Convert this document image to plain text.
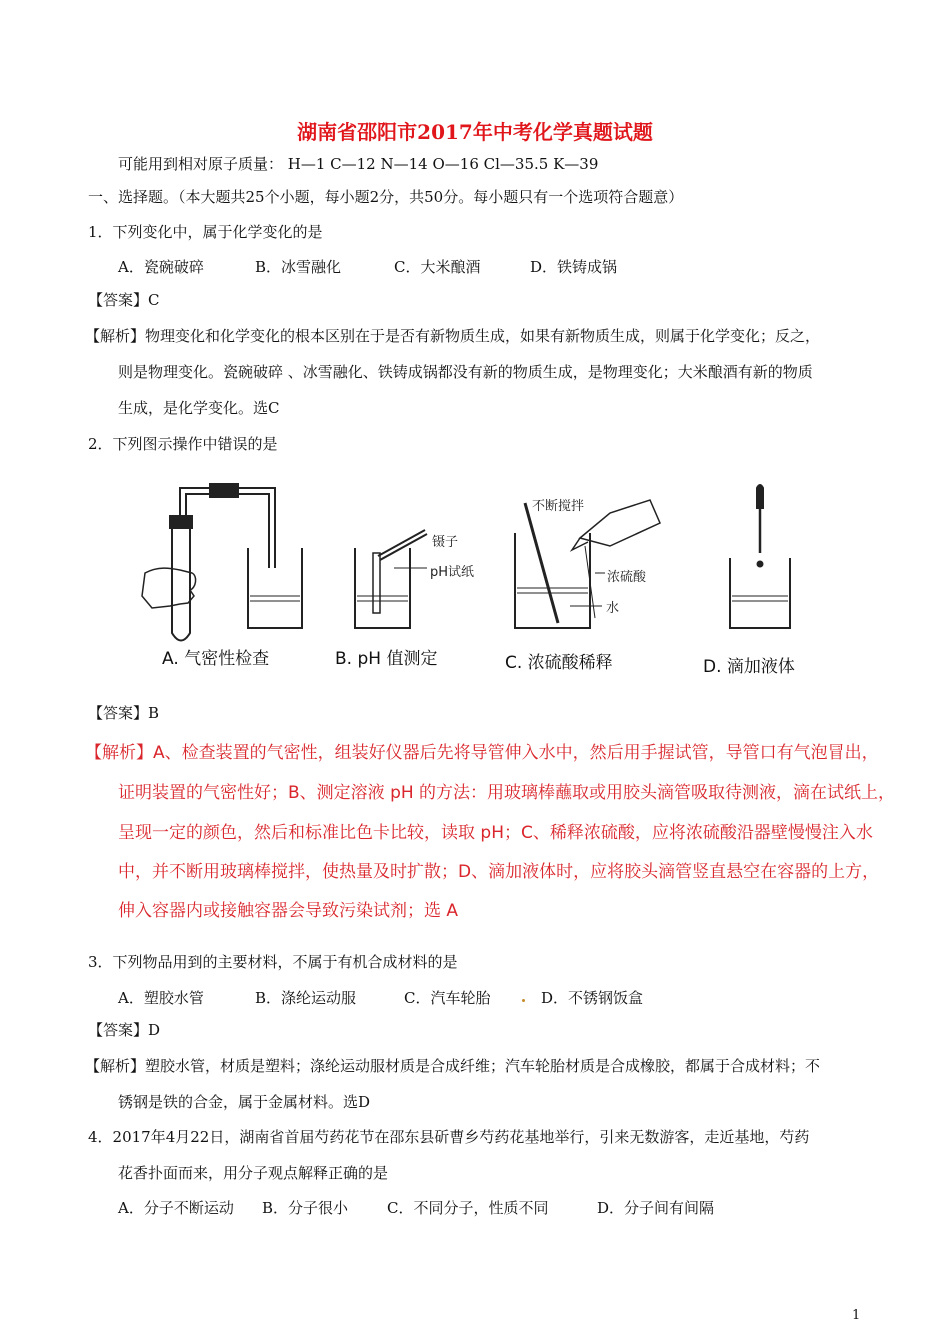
湖南省邵阳市2017年中考化学真题试题
可能用到相对原子质量： H—1 C—12 N—14 O—16 Cl—35.5 K—39
一、选择题。（本大题共25个小题，每小题2分，共50分。每小题只有一个选项符合题意）
1．下列变化中，属于化学变化的是
A．瓷碗破碎	B．冰雪融化	C．大米酿酒	D．铁铸成锅
【答案】C
【解析】物理变化和化学变化的根本区别在于是否有新物质生成，如果有新物质生成，则属于化学变化；反之，
则是物理变化。瓷碗破碎 、冰雪融化、铁铸成锅都没有新的物质生成，是物理变化；大米酿酒有新的物质
生成，是化学变化。选C
2．下列图示操作中错误的是
镊子
pH试纸
不断搅拌
浓硫酸
水
A. 气密性检查	B. pH 值测定	C. 浓硫酸稀释	D. 滴加液体
【答案】B
【解析】A、检查装置的气密性，组装好仪器后先将导管伸入水中，然后用手握试管，导管口有气泡冒出，
证明装置的气密性好；B、测定溶液 pH 的方法：用玻璃棒蘸取或用胶头滴管吸取待测液，滴在试纸上，
呈现一定的颜色，然后和标准比色卡比较，读取 pH；C、稀释浓硫酸，应将浓硫酸沿器壁慢慢注入水
中，并不断用玻璃棒搅拌，使热量及时扩散；D、滴加液体时，应将胶头滴管竖直悬空在容器的上方，
伸入容器内或接触容器会导致污染试剂；选 A
3．下列物品用到的主要材料，不属于有机合成材料的是
A．塑胶水管	B．涤纶运动服	C．汽车轮胎	D．不锈钢饭盒
【答案】D
【解析】塑胶水管，材质是塑料；涤纶运动服材质是合成纤维；汽车轮胎材质是合成橡胶，都属于合成材料；不
锈钢是铁的合金，属于金属材料。选D
4．2017年4月22日，湖南省首届芍药花节在邵东县斫曹乡芍药花基地举行，引来无数游客，走近基地，芍药
花香扑面而来，用分子观点解释正确的是
A．分子不断运动 B．分子很小	C．不同分子，性质不同	D．分子间有间隔
1
